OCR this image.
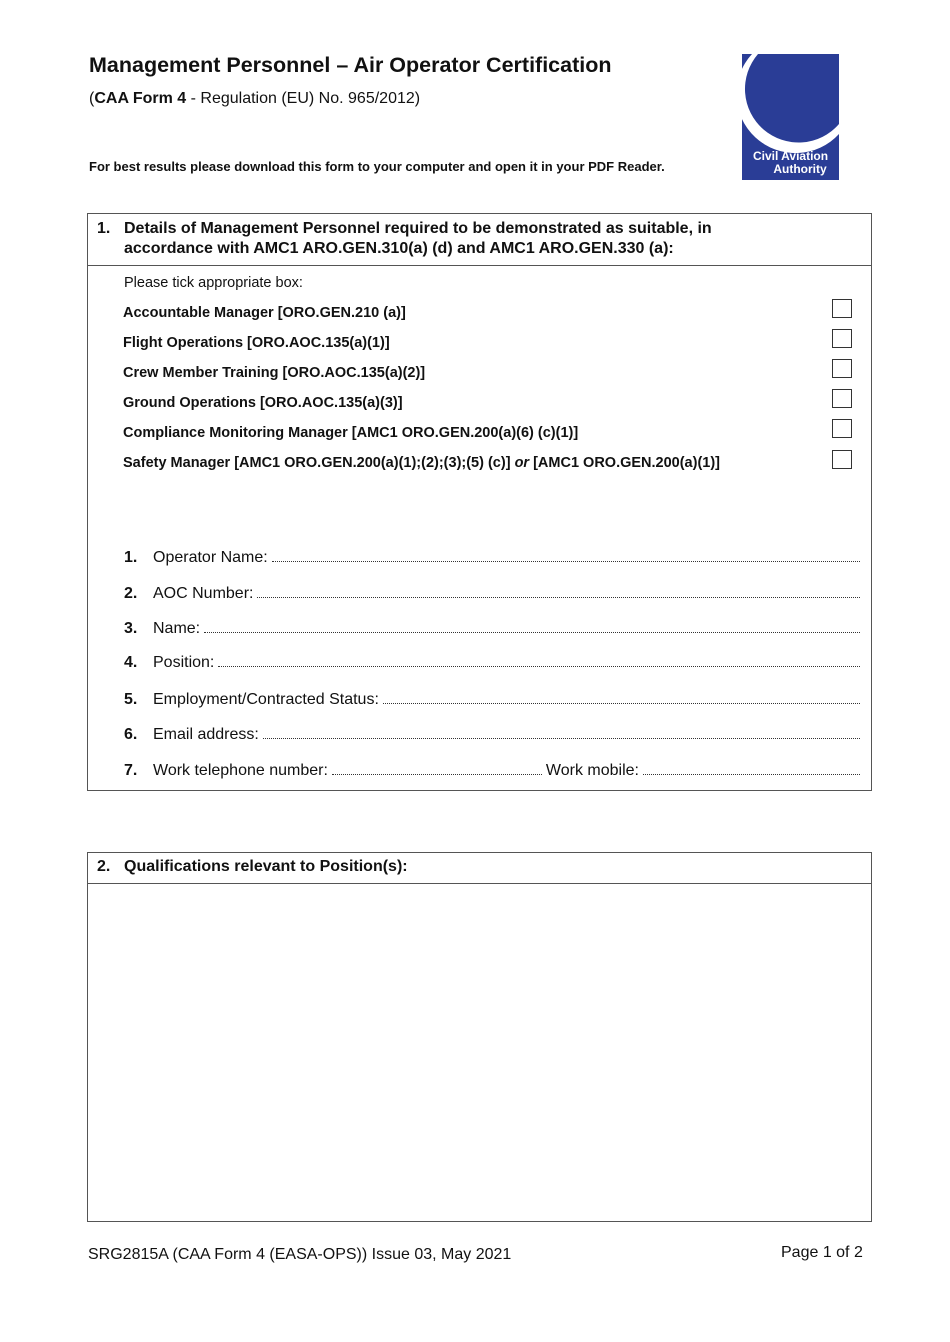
Management Personnel – Air Operator Certification
(CAA Form 4 - Regulation (EU) No. 965/2012)
For best results please download this form to your computer and open it in your PDF Reader.
Civil Aviation
Authority
1. Details of Management Personnel required to be demonstrated as suitable, in
accordance with AMC1 ARO.GEN.310(a) (d) and AMC1 ARO.GEN.330 (a):
Please tick appropriate box:
Accountable Manager [ORO.GEN.210 (a)]
Flight Operations [ORO.AOC.135(a)(1)]
Crew Member Training [ORO.AOC.135(a)(2)]
Ground Operations [ORO.AOC.135(a)(3)]
Compliance Monitoring Manager [AMC1 ORO.GEN.200(a)(6) (c)(1)]
Safety Manager [AMC1 ORO.GEN.200(a)(1);(2);(3);(5) (c)] or [AMC1 ORO.GEN.200(a)(1)]
1. Operator Name:
2. AOC Number:
3. Name:
4. Position:
5. Employment/Contracted Status:
6. Email address:
7. Work telephone number:	Work mobile:
2. Qualifications relevant to Position(s):
SRG2815A (CAA Form 4 (EASA-OPS)) Issue 03, May 2021	Page 1 of 2
